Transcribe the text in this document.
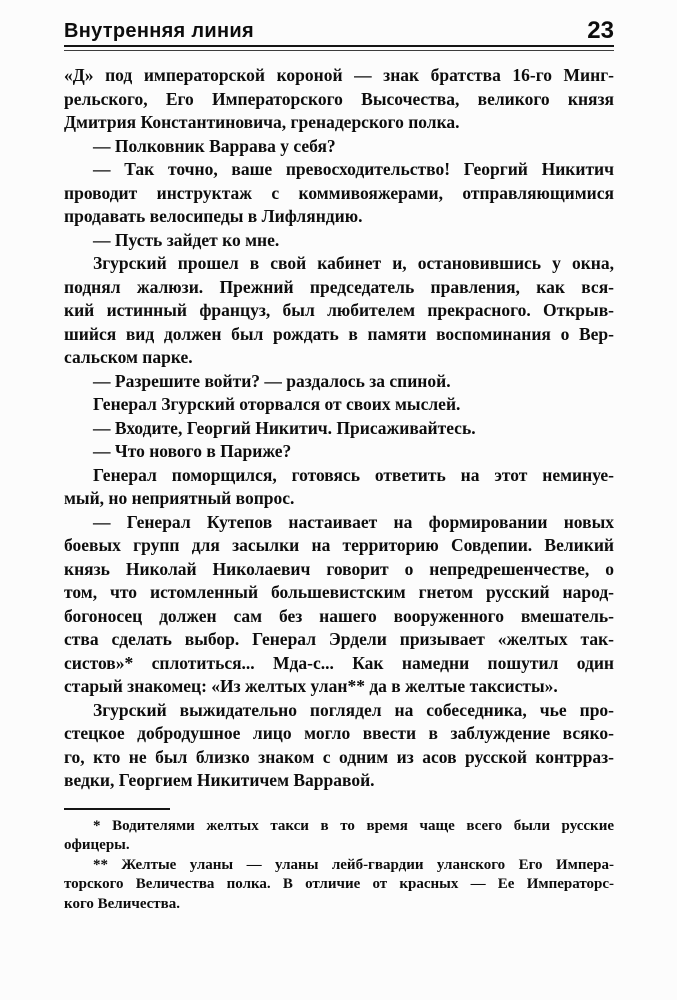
Внутренняя линия	23
«Д» под императорской короной — знак братства 16-го Минг-
рельского, Его Императорского Высочества, великого князя
Дмитрия Константиновича, гренадерского полка.
— Полковник Варрава у себя?
— Так точно, ваше превосходительство! Георгий Никитич
проводит инструктаж с коммивояжерами, отправляющимися
продавать велосипеды в Лифляндию.
— Пусть зайдет ко мне.
Згурский прошел в свой кабинет и, остановившись у окна,
поднял жалюзи. Прежний председатель правления, как вся-
кий истинный француз, был любителем прекрасного. Открыв-
шийся вид должен был рождать в памяти воспоминания о Вер-
сальском парке.
— Разрешите войти? — раздалось за спиной.
Генерал Згурский оторвался от своих мыслей.
— Входите, Георгий Никитич. Присаживайтесь.
— Что нового в Париже?
Генерал поморщился, готовясь ответить на этот неминуе-
мый, но неприятный вопрос.
— Генерал Кутепов настаивает на формировании новых
боевых групп для засылки на территорию Совдепии. Великий
князь Николай Николаевич говорит о непредрешенчестве, о
том, что истомленный большевистским гнетом русский народ-
богоносец должен сам без нашего вооруженного вмешатель-
ства сделать выбор. Генерал Эрдели призывает «желтых так-
систов»* сплотиться... Мда-с... Как намедни пошутил один
старый знакомец: «Из желтых улан** да в желтые таксисты».
Згурский выжидательно поглядел на собеседника, чье про-
стецкое добродушное лицо могло ввести в заблуждение всяко-
го, кто не был близко знаком с одним из асов русской контрраз-
ведки, Георгием Никитичем Варравой.
* Водителями желтых такси в то время чаще всего были русские
офицеры.
** Желтые уланы — уланы лейб-гвардии уланского Его Импера-
торского Величества полка. В отличие от красных — Ее Императорс-
кого Величества.
